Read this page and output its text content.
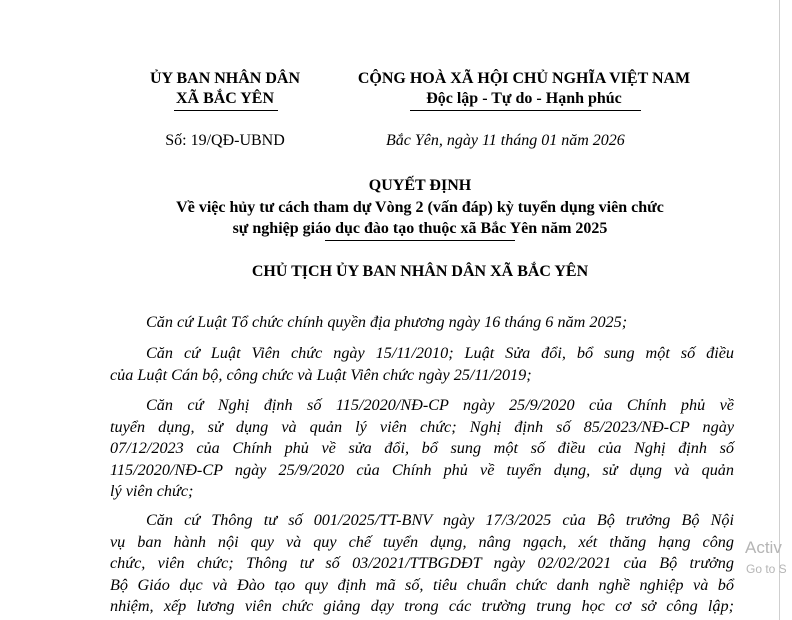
ỦY BAN NHÂN DÂN
XÃ BẮC YÊN
CỘNG HOÀ XÃ HỘI CHỦ NGHĨA VIỆT NAM
Độc lập - Tự do - Hạnh phúc
Số: 19/QĐ-UBND	Bắc Yên, ngày 11 tháng 01 năm 2026
QUYẾT ĐỊNH
Về việc hủy tư cách tham dự Vòng 2 (vấn đáp) kỳ tuyển dụng viên chức
sự nghiệp giáo dục đào tạo thuộc xã Bắc Yên năm 2025
CHỦ TỊCH ỦY BAN NHÂN DÂN XÃ BẮC YÊN
Căn cứ Luật Tổ chức chính quyền địa phương ngày 16 tháng 6 năm 2025;
Căn cứ Luật Viên chức ngày 15/11/2010; Luật Sửa đổi, bổ sung một số điều
của Luật Cán bộ, công chức và Luật Viên chức ngày 25/11/2019;
Căn cứ Nghị định số 115/2020/NĐ-CP ngày 25/9/2020 của Chính phủ về
tuyển dụng, sử dụng và quản lý viên chức; Nghị định số 85/2023/NĐ-CP ngày
07/12/2023 của Chính phủ về sửa đổi, bổ sung một số điều của Nghị định số
115/2020/NĐ-CP ngày 25/9/2020 của Chính phủ về tuyển dụng, sử dụng và quản
lý viên chức;
Căn cứ Thông tư số 001/2025/TT-BNV ngày 17/3/2025 của Bộ trưởng Bộ Nội
vụ ban hành nội quy và quy chế tuyển dụng, nâng ngạch, xét thăng hạng công
chức, viên chức; Thông tư số 03/2021/TTBGDĐT ngày 02/02/2021 của Bộ trưởng
Bộ Giáo dục và Đào tạo quy định mã số, tiêu chuẩn chức danh nghề nghiệp và bổ
nhiệm, xếp lương viên chức giảng dạy trong các trường trung học cơ sở công lập;
Activ
Go to S
